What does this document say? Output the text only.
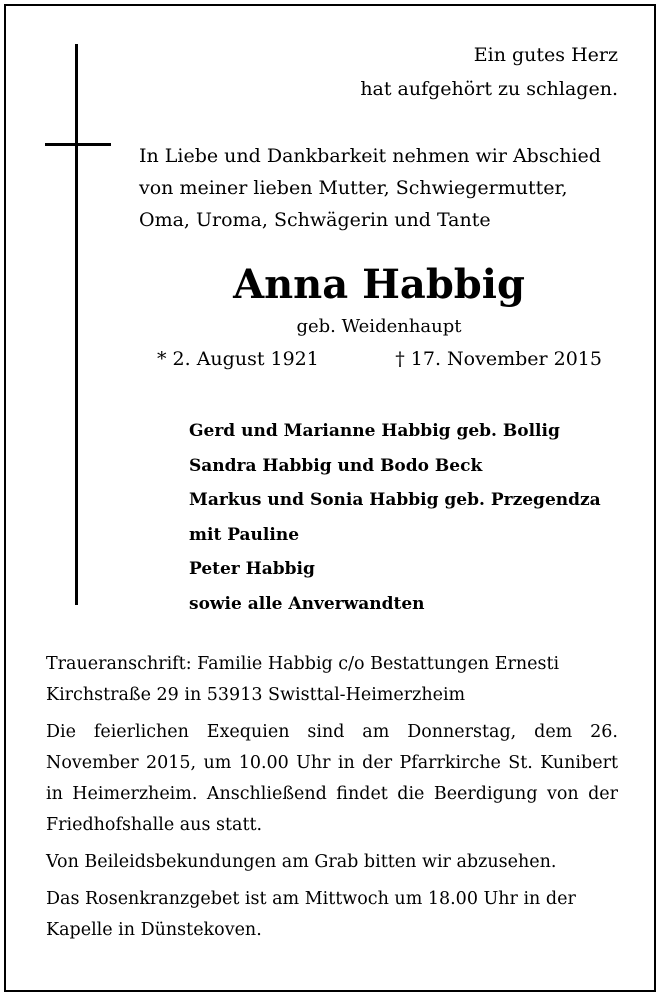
Ein gutes Herz
hat aufgehört zu schlagen.
In Liebe und Dankbarkeit nehmen wir Abschied von meiner lieben Mutter, Schwiegermutter, Oma, Uroma, Schwägerin und Tante
Anna Habbig
geb. Weidenhaupt
* 2. August 1921	† 17. November 2015
Gerd und Marianne Habbig geb. Bollig
Sandra Habbig und Bodo Beck
Markus und Sonia Habbig geb. Przegendza
mit Pauline
Peter Habbig
sowie alle Anverwandten

Traueranschrift: Familie Habbig c/o Bestattungen Ernesti Kirchstraße 29 in 53913 Swisttal-Heimerzheim

Die feierlichen Exequien sind am Donnerstag, dem 26. November 2015, um 10.00 Uhr in der Pfarrkirche St. Kunibert in Heimerzheim. Anschließend findet die Beerdigung von der Friedhofshalle aus statt.

Von Beileidsbekundungen am Grab bitten wir abzusehen.

Das Rosenkranzgebet ist am Mittwoch um 18.00 Uhr in der Kapelle in Dünstekoven.
